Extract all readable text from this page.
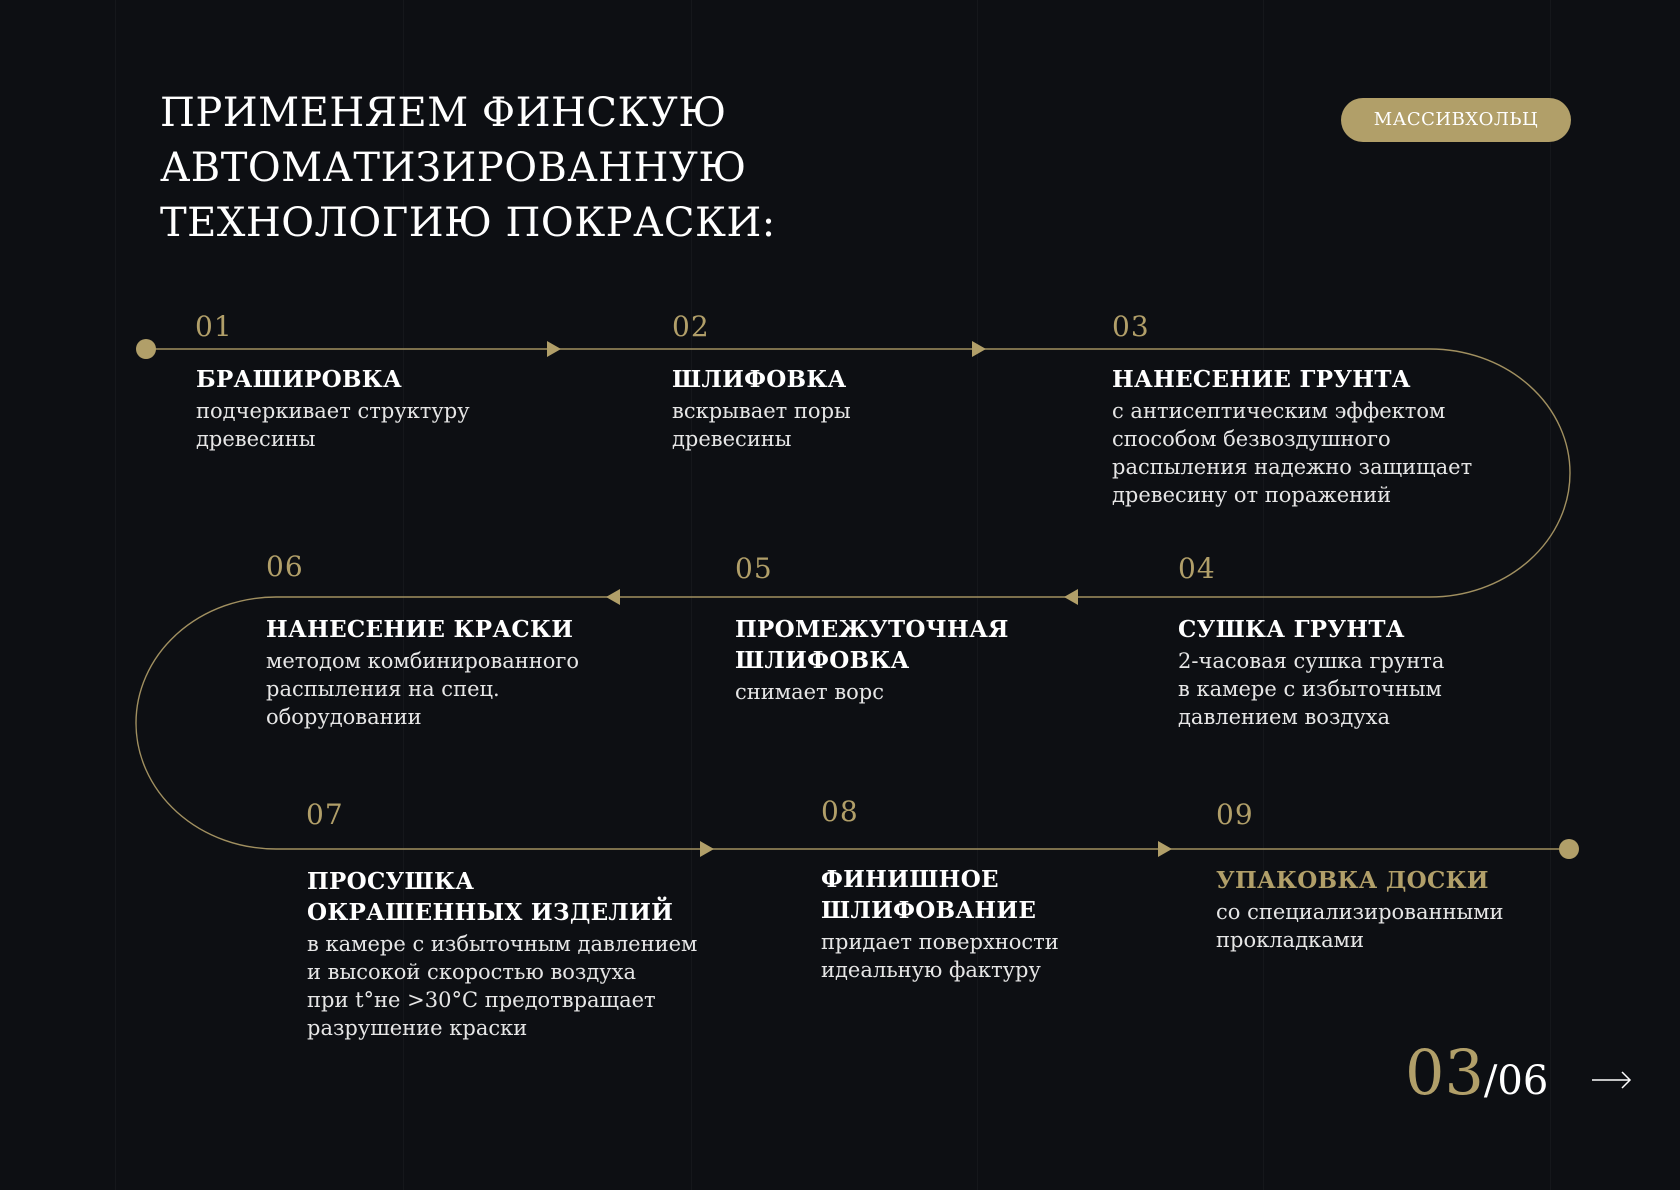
ПРИМЕНЯЕМ ФИНСКУЮ
АВТОМАТИЗИРОВАННУЮ
ТЕХНОЛОГИЮ ПОКРАСКИ:
МАССИВХОЛЬЦ
01

БРАШИРОВКА

подчеркивает структуру
древесины

02

ШЛИФОВКА

вскрывает поры
древесины

03

НАНЕСЕНИЕ ГРУНТА

с антисептическим эффектом
способом безвоздушного
распыления надежно защищает
древесину от поражений

04

СУШКА ГРУНТА

2-часовая сушка грунта
в камере с избыточным
давлением воздуха

05

ПРОМЕЖУТОЧНАЯ
ШЛИФОВКА

снимает ворс

06

НАНЕСЕНИЕ КРАСКИ

методом комбинированного
распыления на спец.
оборудовании

07

ПРОСУШКА
ОКРАШЕННЫХ ИЗДЕЛИЙ

в камере с избыточным давлением
и высокой скоростью воздуха
при t°не >30°С предотвращает
разрушение краски

08

ФИНИШНОЕ
ШЛИФОВАНИЕ

придает поверхности
идеальную фактуру

09

УПАКОВКА ДОСКИ

со специализированными
прокладками

03/06
